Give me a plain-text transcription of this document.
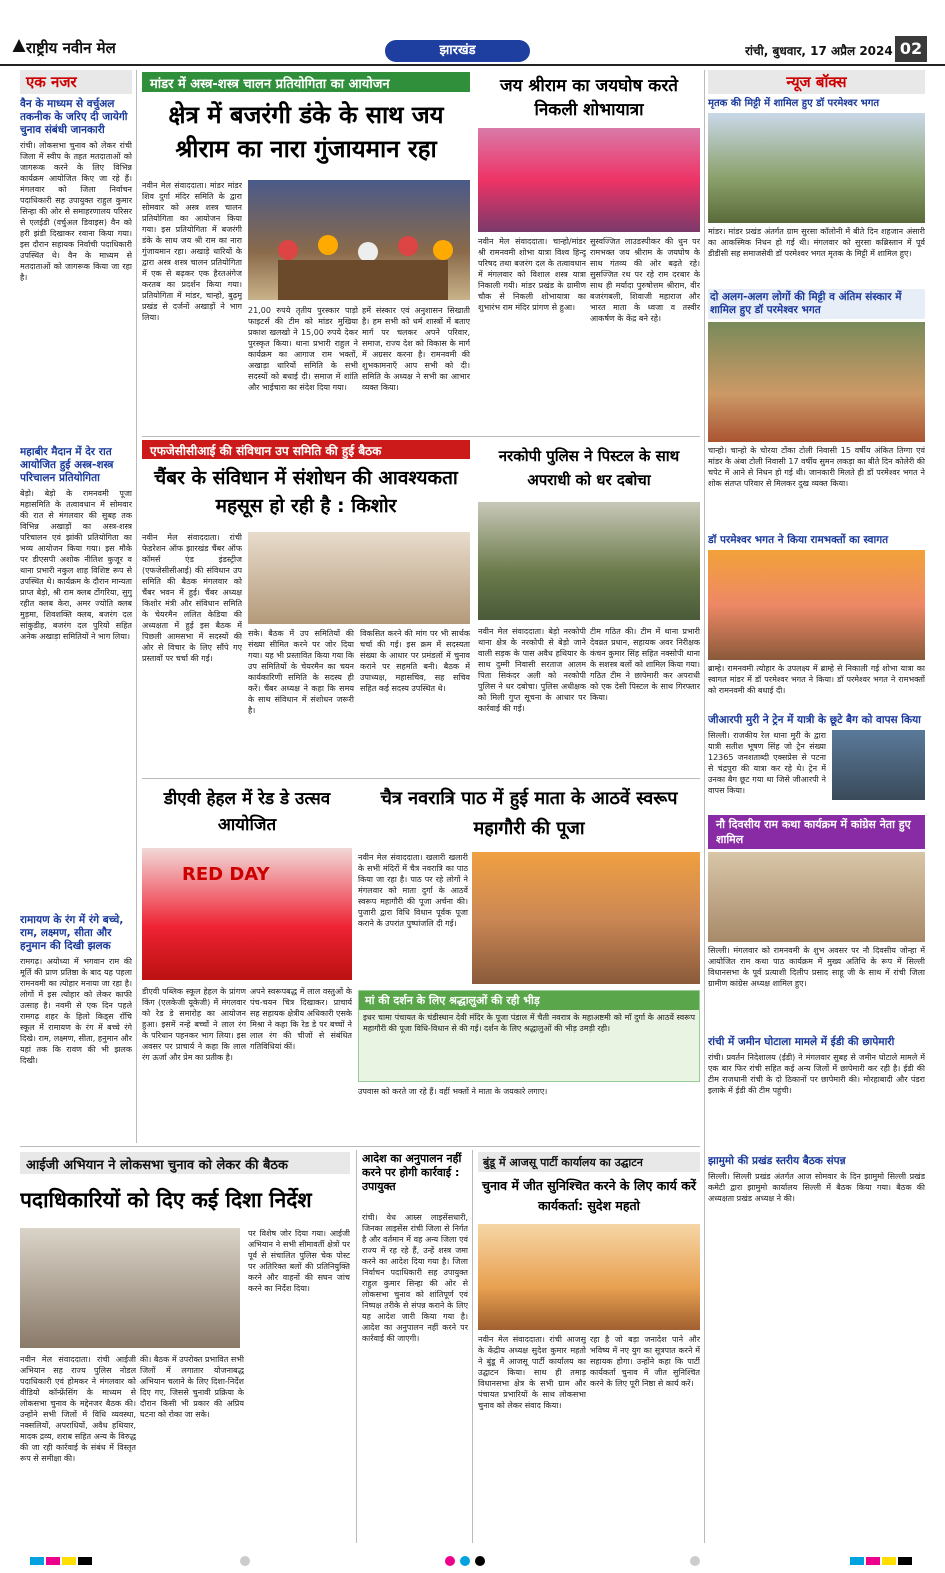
राष्ट्रीय नवीन मेल	झारखंड	रांची, बुधवार, 17 अप्रैल 2024 02
एक नजर
वैन के माध्यम से वर्चुअल तकनीक के जरिए दी जायेगी चुनाव संबंधी जानकारी
रांची। लोकसभा चुनाव को लेकर रांची जिला में स्वीप के तहत मतदाताओं को जागरूक करने के लिए विभिन्न कार्यक्रम आयोजित किए जा रहे हैं। मंगलवार को जिला निर्वाचन पदाधिकारी सह उपायुक्त राहुल कुमार सिन्हा की ओर से समाहरणालय परिसर से एलईडी (वर्चुअल डिवाइस) वैन को हरी झंडी दिखाकर रवाना किया गया। इस दौरान सहायक निर्वाची पदाधिकारी उपस्थित थे। वैन के माध्यम से मतदाताओं को जागरूक किया जा रहा है।
महाबीर मैदान में देर रात आयोजित हुई अस्त्र-शस्त्र परिचालन प्रतियोगिता
बेड़ो। बेड़ो के रामनवमी पूजा महासमिति के तत्वावधान में सोमवार की रात से मंगलवार की सुबह तक विभिन्न अखाड़ों का अस्त्र-शस्त्र परिचालन एवं झांकी प्रतियोगिता का भव्य आयोजन किया गया। इस मौके पर डीएसपी अशोक नीतिश कुजूर व थाना प्रभारी नकुल शाह विशिष्ट रूप से उपस्थित थे। कार्यक्रम के दौरान मान्यता प्राप्त बेड़ो, श्री राम क्लब टोंगरिया, सुगु रहीत क्लब केरा, अमर ज्योति क्लब मुड़मा, शिवशक्ति क्लब, बजरंग दल सांकुडीह, बजरंग दल पुरियो सहित अनेक अखाड़ा समितियों ने भाग लिया।
रामायण के रंग में रंगे बच्चे, राम, लक्ष्मण, सीता और हनुमान की दिखी झलक
रामगढ़। अयोध्या में भगवान राम की मूर्ति की प्राण प्रतिष्ठा के बाद यह पहला रामनवमी का त्योहार मनाया जा रहा है। लोगों में इस त्योहार को लेकर काफी उत्साह है। नवमी से एक दिन पहले रामगढ़ शहर के हिलो किड्स राँचि स्कूल में रामायण के रंग में बच्चे रंगे दिखे। राम, लक्ष्मण, सीता, हनुमान और यहां तक कि रावण की भी झलक दिखी।
मांडर में अस्त्र-शस्त्र चालन प्रतियोगिता का आयोजन
क्षेत्र में बजरंगी डंके के साथ जय श्रीराम का नारा गुंजायमान रहा
नवीन मेल संवाददाता। मांडर मांडर शिव दुर्गा मंदिर समिति के द्वारा सोमवार को अस्त्र शस्त्र चालन प्रतियोगिता का आयोजन किया गया। इस प्रतियोगिता में बजरंगी डंके के साथ जय श्री राम का नारा गुंजायमान रहा। अखाड़े धारियों के द्वारा अस्त्र शस्त्र चालन प्रतियोगिता में एक से बढ़कर एक हैरतअंगेज करतब का प्रदर्शन किया गया। प्रतियोगिता में मांडर, चान्हो, बुढ़मू प्रखंड से दर्जनों अखाड़ों ने भाग लिया।
21,00 रुपये तृतीय पुरस्कार पाड़ो फाइटर्स की टीम को मांडर मुखिया प्रकाश खलखो ने 15,00 रुपये देकर पुरस्कृत किया। थाना प्रभारी राहुल ने कार्यक्रम का आगाज राम भक्तों, अखाड़ा धारियों समिति के सभी सदस्यों को बधाई दी। समाज में शांति और भाईचारा का संदेश दिया गया।
हमें संस्कार एवं अनुशासन सिखाती है। हम सभी को धर्म शास्त्रों में बताए मार्ग पर चलकर अपने परिवार, समाज, राज्य देश को विकास के मार्ग में अग्रसर करना है। रामनवमी की शुभकामनाएँ आप सभी को दी। समिति के अध्यक्ष ने सभी का आभार व्यक्त किया।
जय श्रीराम का जयघोष करते निकली शोभायात्रा
नवीन मेल संवाददाता। चान्हो/मांडर श्री रामनवमी शोभा यात्रा विश्व हिन्दू परिषद तथा बजरंग दल के तत्वावधान में मंगलवार को विशाल शस्त्र यात्रा निकाली गयी। मांडर प्रखंड के ग्रामीण चौक से निकली शोभायात्रा का शुभारंभ राम मंदिर प्रांगण से हुआ।
सुस्वज्जित लाउडस्पीकर की धुन पर रामभक्त जय श्रीराम के जयघोष के साथ गंतव्य की ओर बढ़ते रहे। सुसज्जित रथ पर रहे राम दरबार के साथ ही मर्यादा पुरुषोत्तम श्रीराम, वीर बजरंगबली, शिवाजी महाराज और भारत माता के ध्वजा व तस्वीर आकर्षण के केंद्र बने रहे।
न्यूज बॉक्स
मृतक की मिट्टी में शामिल हुए डॉ परमेश्वर भगत
मांडर। मांडर प्रखंड अंतर्गत ग्राम सुरसा कॉलोनी में बीते दिन शहजान अंसारी का आकस्मिक निधन हो गई थी। मंगलवार को सुरसा कब्रिस्तान में पूर्व डीडीसी सह समाजसेवी डॉ परमेश्वर भगत मृतक के मिट्टी में शामिल हुए।
दो अलग-अलग लोगों की मिट्टी व अंतिम संस्कार में शामिल हुए डॉ परमेश्वर भगत
चान्हो। चान्हो के चोरया टोंका टोली निवासी 15 वर्षीय अंकित तिग्गा एवं मांडर के अंबा टोली निवासी 17 वर्षीय सुमन लकड़ा का बीते दिन कोलेरी की चपेट में आने से निधन हो गई थी। जानकारी मिलते ही डॉ परमेश्वर भगत ने शोक संतप्त परिवार से मिलकर दुख व्यक्त किया।
डॉ परमेश्वर भगत ने किया रामभक्तों का स्वागत
ब्राम्हे। रामनवमी त्योहार के उपलक्ष्य में ब्राम्हे से निकाली गई शोभा यात्रा का स्वागत मांडर में डॉ परमेश्वर भगत ने किया। डॉ परमेश्वर भगत ने रामभक्तों को रामनवमी की बधाई दी।
जीआरपी मुरी ने ट्रेन में यात्री के छूटे बैग को वापस किया
सिल्ली। राजकीय रेल थाना मुरी के द्वारा यात्री सतीश भूषण सिंह जो ट्रेन संख्या 12365 जनशताब्दी एक्सप्रेस से पटना से चंद्रपुरा की यात्रा कर रहे थे। ट्रेन में उनका बैग छूट गया था जिसे जीआरपी ने वापस किया।
नौ दिवसीय राम कथा कार्यक्रम में कांग्रेस नेता हुए शामिल
सिल्ली। मंगलवार को रामनवमी के शुभ अवसर पर नौ दिवसीय जोन्हा में आयोजित राम कथा पाठ कार्यक्रम में मुख्य अतिथि के रूप में सिल्ली विधानसभा के पूर्व प्रत्याशी दिलीप प्रसाद साहू जी के साथ में रांची जिला ग्रामीण कांग्रेस अध्यक्ष शामिल हुए।
रांची में जमीन घोटाला मामले में ईडी की छापेमारी
रांची। प्रवर्तन निदेशालय (ईडी) ने मंगलवार सुबह से जमीन घोटाले मामले में एक बार फिर रांची सहित कई अन्य जिलों में छापेमारी कर रही है। ईडी की टीम राजधानी रांची के दो ठिकानों पर छापेमारी की। मोरहाबादी और पंडरा इलाके में ईडी की टीम पहुंची।
झामुमो की प्रखंड स्तरीय बैठक संपन्न
सिल्ली। सिल्ली प्रखंड अंतर्गत आज सोमवार के दिन झामुमो सिल्ली प्रखंड कमेटी द्वारा झामुमो कार्यालय सिल्ली में बैठक किया गया। बैठक की अध्यक्षता प्रखंड अध्यक्ष ने की।
एफजेसीसीआई की संविधान उप समिति की हुई बैठक
चैंबर के संविधान में संशोधन की आवश्यकता महसूस हो रही है : किशोर
नवीन मेल संवाददाता। रांची फेडरेशन ऑफ झारखंड चैंबर ऑफ कॉमर्स एंड इंडस्ट्रीज (एफजेसीसीआई) की संविधान उप समिति की बैठक मंगलवार को चैंबर भवन में हुई। चैंबर अध्यक्ष किशोर मंत्री और संविधान समिति के चेयरमैन ललित केडिया की अध्यक्षता में हुई इस बैठक में पिछली आमसभा में सदस्यों की ओर से विचार के लिए सौंपे गए प्रस्तावों पर चर्चा की गई।
सके। बैठक में उप समितियों की संख्या सीमित करने पर जोर दिया गया। यह भी प्रस्तावित किया गया कि उप समितियों के चेयरमैन का चयन कार्यकारिणी समिति के सदस्य ही करें। चैंबर अध्यक्ष ने कहा कि समय के साथ संविधान में संशोधन जरूरी है।
विकसित करने की मांग पर भी सार्थक चर्चा की गई। इस क्रम में सदस्यता संख्या के आधार पर प्रमंडलों में चुनाव कराने पर सहमति बनी। बैठक में उपाध्यक्ष, महासचिव, सह सचिव सहित कई सदस्य उपस्थित थे।
नरकोपी पुलिस ने पिस्टल के साथ अपराधी को धर दबोचा
नवीन मेल संवाददाता। बेड़ो नरकोपी थाना क्षेत्र के नरकोपी से बेड़ो जाने वाली सड़क के पास अवैध हथियार के साथ दुम्मी निवासी सरताज आलम पिता सिकंदर अली को नरकोपी पुलिस ने धर दबोचा। पुलिस अधीक्षक को मिली गुप्त सूचना के आधार पर कार्रवाई की गई।
टीम गठित की। टीम में थाना प्रभारी देवव्रत प्रधान, सहायक अवर निरीक्षक कंचन कुमार सिंह सहित नक्सोपी थाना के सशस्त्र बलों को शामिल किया गया। गठित टीम ने छापेमारी कर अपराधी को एक देसी पिस्टल के साथ गिरफ्तार किया।
डीएवी हेहल में रेड डे उत्सव आयोजित
RED DAY
डीएवी पब्लिक स्कूल हेहल के प्रांगण किंग (एलकेजी यूकेजी) में मंगलवार को रेड डे समारोह का आयोजन हुआ। इसमें नन्हे बच्चों ने लाल रंग के परिधान पहनकर भाग लिया। इस अवसर पर प्राचार्य ने कहा कि लाल रंग ऊर्जा और प्रेम का प्रतीक है।
अपने स्वरूपबद्ध में लाल वस्तुओं के पंच-चयन चित्र दिखाकर। प्राचार्य सह सहायक क्षेत्रीय अधिकारी एसके मिश्रा ने कहा कि रेड डे पर बच्चों ने लाल रंग की चीजों से संबंधित गतिविधियां कीं।
चैत्र नवरात्रि पाठ में हुई माता के आठवें स्वरूप महागौरी की पूजा
नवीन मेल संवाददाता। खलारी खलारी के सभी मंदिरों में चैत्र नवरात्रि का पाठ किया जा रहा है। पाठ पर रहे लोगों ने मंगलवार को माता दुर्गा के आठवें स्वरूप महागौरी की पूजा अर्चना की। पुजारी द्वारा विधि विधान पूर्वक पूजा कराने के उपरांत पुष्पांजलि दी गई।
मां की दर्शन के लिए श्रद्धालुओं की रही भीड़
इधर चामा पंचायत के चंडीस्थान देवी मंदिर के पूजा पंडाल में चैती नवरात्र के महाअष्टमी को माँ दुर्गा के आठवें स्वरूप महागौरी की पूजा विधि-विधान से की गई। दर्शन के लिए श्रद्धालुओं की भीड़ उमड़ी रही।
उपवास को करते जा रहे हैं। वहीं भक्तों ने माता के जयकारे लगाए।
आईजी अभियान ने लोकसभा चुनाव को लेकर की बैठक
पदाधिकारियों को दिए कई दिशा निर्देश
नवीन मेल संवाददाता। रांची आईजी अभियान सह राज्य पुलिस नोडल पदाधिकारी एवं होमकर ने मंगलवार को वीडियो कॉन्फ्रेंसिंग के माध्यम से लोकसभा चुनाव के मद्देनजर बैठक की। उन्होंने सभी जिलों में विधि व्यवस्था, नक्सलियों, अपराधियों, अवैध हथियार, मादक द्रव्य, शराब सहित अन्य के विरुद्ध की जा रही कार्रवाई के संबंध में विस्तृत रूप से समीक्षा की।
की। बैठक में उपरोक्त प्रभावित सभी जिलों में लगातार योजनाबद्ध अभियान चलाने के लिए दिशा-निर्देश दिए गए, जिससे चुनावी प्रक्रिया के दौरान किसी भी प्रकार की अप्रिय घटना को रोका जा सके।
पर विशेष जोर दिया गया। आईजी अभियान ने सभी सीमावर्ती क्षेत्रों पर पूर्व से संचालित पुलिस चेक पोस्ट पर अतिरिक्त बलों की प्रतिनियुक्ति करने और वाहनों की सघन जांच करने का निर्देश दिया।
आदेश का अनुपालन नहीं करने पर होगी कार्रवाई : उपायुक्त
रांची। वेध आम्र्स लाइसेंसधारी, जिनका लाइसेंस रांची जिला से निर्गत है और वर्तमान में वह अन्य जिला एवं राज्य में रह रहे हैं, उन्हें शस्त्र जमा करने का आदेश दिया गया है। जिला निर्वाचन पदाधिकारी सह उपायुक्त राहुल कुमार सिन्हा की ओर से लोकसभा चुनाव को शांतिपूर्ण एवं निष्पक्ष तरीके से संपन्न कराने के लिए यह आदेश जारी किया गया है। आदेश का अनुपालन नहीं करने पर कार्रवाई की जाएगी।
बुंडू में आजसू पार्टी कार्यालय का उद्घाटन
चुनाव में जीत सुनिश्चित करने के लिए कार्य करें कार्यकर्ता: सुदेश महतो
नवीन मेल संवाददाता। रांची आजसू के केंद्रीय अध्यक्ष सुदेश कुमार महतो ने बुंडू में आजसू पार्टी कार्यालय का उद्घाटन किया। साथ ही तमाड़ विधानसभा क्षेत्र के सभी ग्राम और पंचायत प्रभारियों के साथ लोकसभा चुनाव को लेकर संवाद किया।
रहा है जो बड़ा जनादेश पाने और भविष्य में नए युग का सूत्रपात करने में सहायक होगा। उन्होंने कहा कि पार्टी कार्यकर्ता चुनाव में जीत सुनिश्चित करने के लिए पूरी निष्ठा से कार्य करें।
